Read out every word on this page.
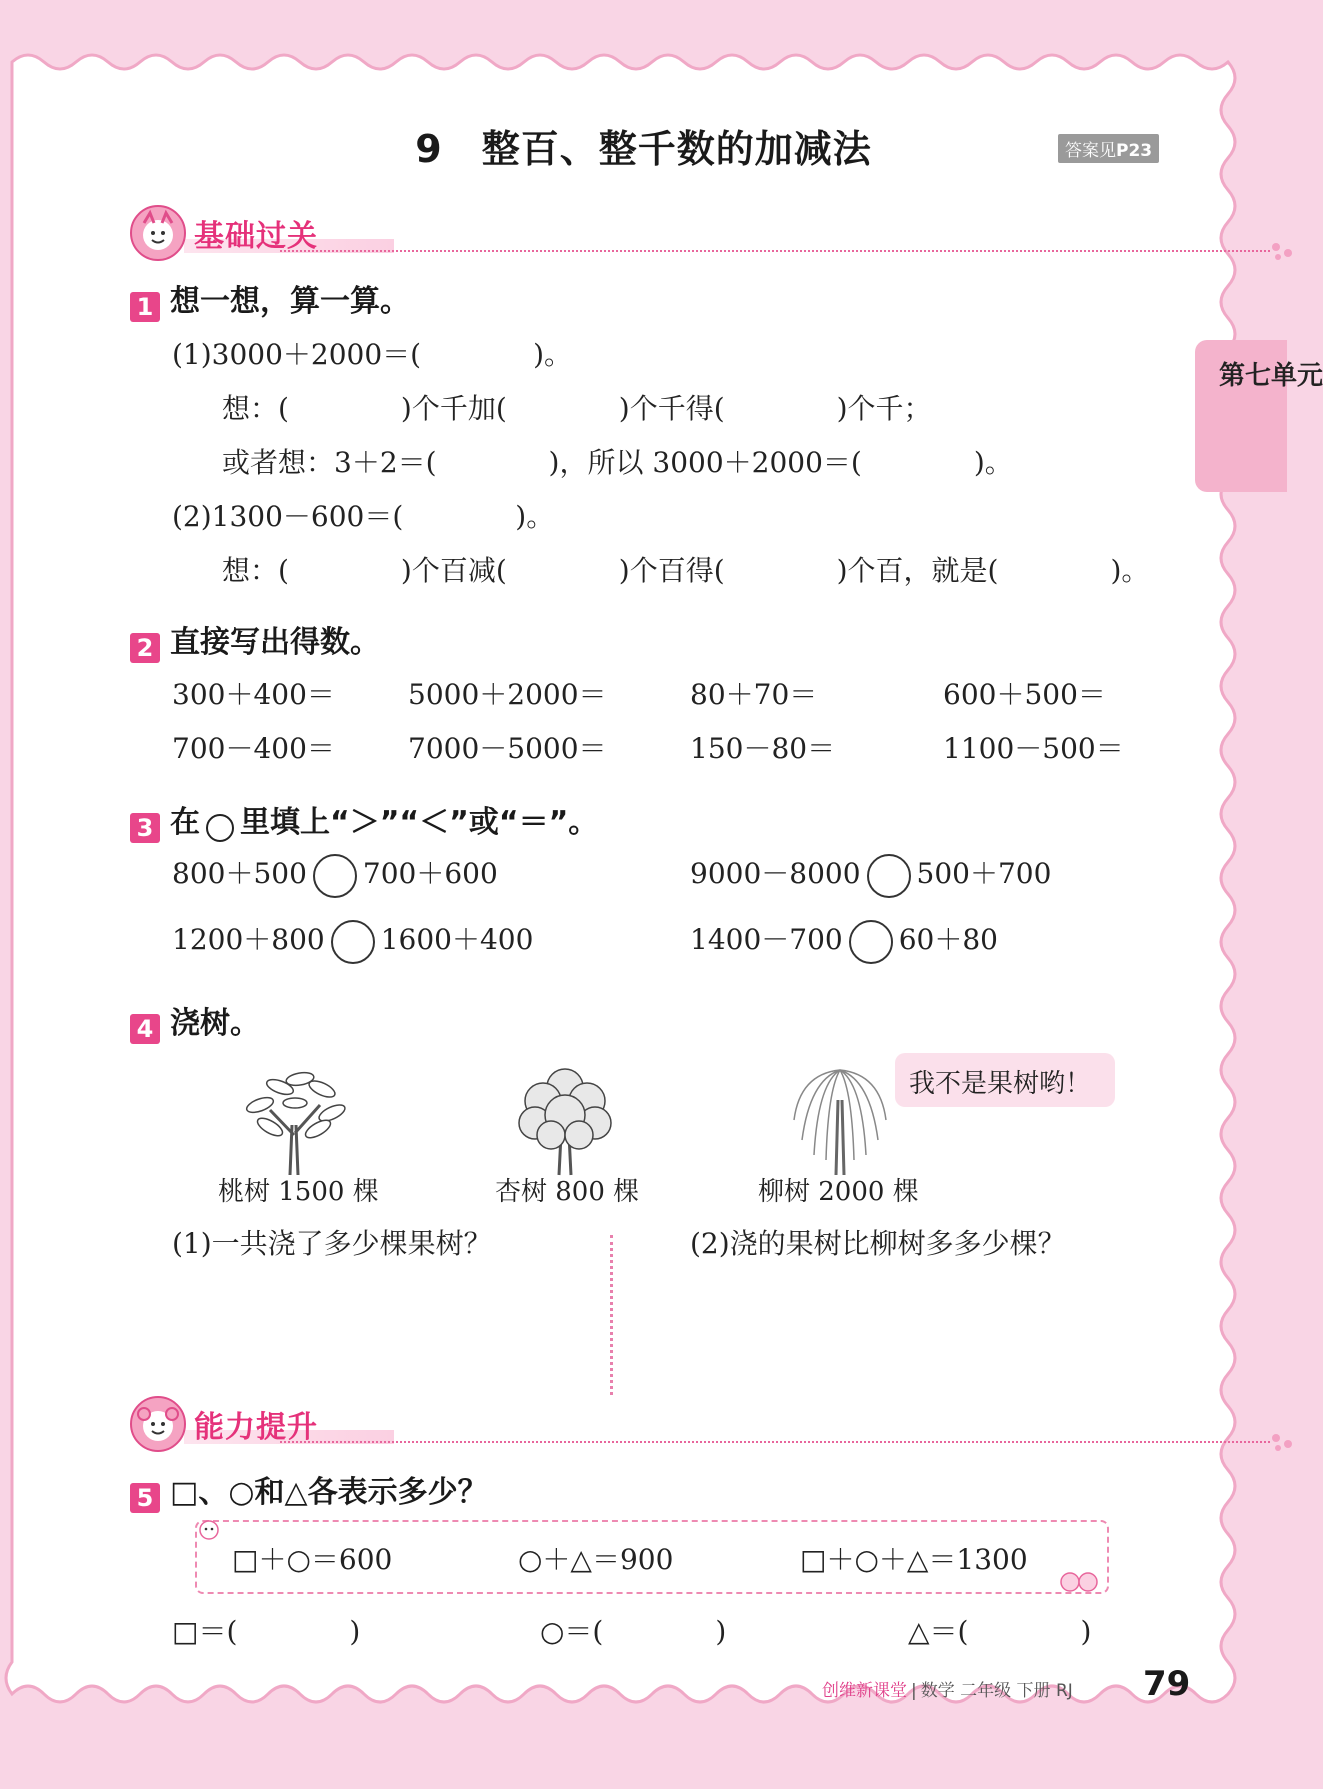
9　整百、整千数的加减法	答案见P23
第七单元
基础过关
1 想一想，算一算。
(1)3000＋2000＝(　　　　)。
想：(　　　　)个千加(　　　　)个千得(　　　　)个千；
或者想：3＋2＝(　　　　)，所以 3000＋2000＝(　　　　)。
(2)1300－600＝(　　　　)。
想：(　　　　)个百减(　　　　)个百得(　　　　)个百，就是(　　　　)。
2 直接写出得数。
300＋400＝	5000＋2000＝	80＋70＝	600＋500＝
700－400＝	7000－5000＝	150－80＝	1100－500＝
3 在 里填上“＞”“＜”或“＝”。
800＋500 700＋600	9000－8000 500＋700
1200＋800 1600＋400	1400－700 60＋80
4 浇树。
我不是果树哟！
桃树 1500 棵	杏树 800 棵	柳树 2000 棵
(1)一共浇了多少棵果树？	(2)浇的果树比柳树多多少棵？
能力提升
5 □、○和△各表示多少？
□＋○＝600	○＋△＝900	□＋○＋△＝1300
□＝(　　　　)	○＝(　　　　)	△＝(　　　　)
创维新课堂 | 数学 二年级 下册 RJ 79
